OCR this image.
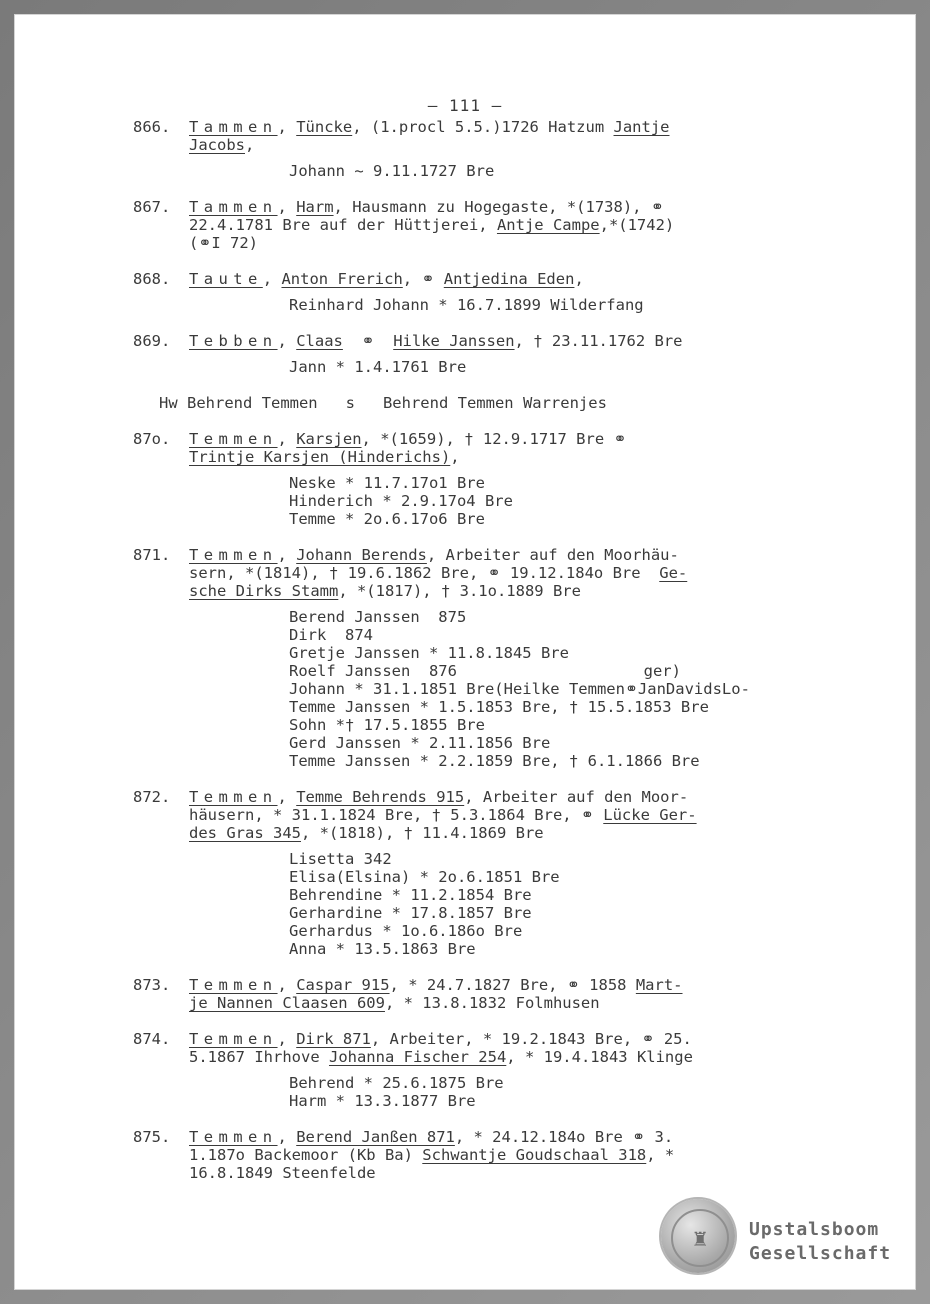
– 111 –
866.	Tammen, Tüncke, (1.procl 5.5.)1726 Hatzum Jantje
Jacobs,
Johann ~ 9.11.1727 Bre
867.	Tammen, Harm, Hausmann zu Hogegaste, *(1738), ⚭
22.4.1781 Bre auf der Hüttjerei, Antje Campe,*(1742)
(⚭I 72)
868.	Taute, Anton Frerich, ⚭ Antjedina Eden,
Reinhard Johann * 16.7.1899 Wilderfang
869.	Tebben, Claas  ⚭  Hilke Janssen, † 23.11.1762 Bre
Jann * 1.4.1761 Bre
Hw Behrend Temmen   s   Behrend Temmen Warrenjes
87o.	Temmen, Karsjen, *(1659), † 12.9.1717 Bre ⚭
Trintje Karsjen (Hinderichs),
Neske * 11.7.17o1 Bre
Hinderich * 2.9.17o4 Bre
Temme * 2o.6.17o6 Bre
871.	Temmen, Johann Berends, Arbeiter auf den Moorhäu-
sern, *(1814), † 19.6.1862 Bre, ⚭ 19.12.184o Bre  Ge-
sche Dirks Stamm, *(1817), † 3.1o.1889 Bre
Berend Janssen  875
Dirk  874
Gretje Janssen * 11.8.1845 Bre
Roelf Janssen  876                    ger)
Johann * 31.1.1851 Bre(Heilke Temmen⚭JanDavidsLo-
Temme Janssen * 1.5.1853 Bre, † 15.5.1853 Bre
Sohn *† 17.5.1855 Bre
Gerd Janssen * 2.11.1856 Bre
Temme Janssen * 2.2.1859 Bre, † 6.1.1866 Bre
872.	Temmen, Temme Behrends 915, Arbeiter auf den Moor-
häusern, * 31.1.1824 Bre, † 5.3.1864 Bre, ⚭ Lücke Ger-
des Gras 345, *(1818), † 11.4.1869 Bre
Lisetta 342
Elisa(Elsina) * 2o.6.1851 Bre
Behrendine * 11.2.1854 Bre
Gerhardine * 17.8.1857 Bre
Gerhardus * 1o.6.186o Bre
Anna * 13.5.1863 Bre
873.	Temmen, Caspar 915, * 24.7.1827 Bre, ⚭ 1858 Mart-
je Nannen Claasen 609, * 13.8.1832 Folmhusen
874.	Temmen, Dirk 871, Arbeiter, * 19.2.1843 Bre, ⚭ 25.
5.1867 Ihrhove Johanna Fischer 254, * 19.4.1843 Klinge
Behrend * 25.6.1875 Bre
Harm * 13.3.1877 Bre
875.	Temmen, Berend Janßen 871, * 24.12.184o Bre ⚭ 3.
1.187o Backemoor (Kb Ba) Schwantje Goudschaal 318, *
16.8.1849 Steenfelde
♜	Upstalsboom
Gesellschaft
